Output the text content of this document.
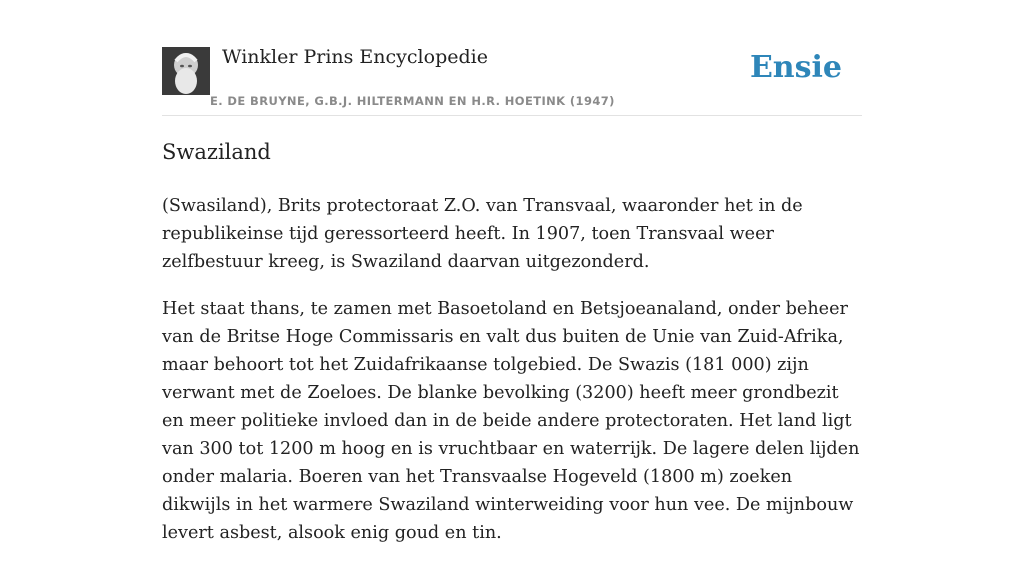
Winkler Prins Encyclopedie
E. DE BRUYNE, G.B.J. HILTERMANN EN H.R. HOETINK (1947)
Ensie
Swaziland

(Swasiland), Brits protectoraat Z.O. van Transvaal, waaronder het in de republikeinse tijd geressorteerd heeft. In 1907, toen Transvaal weer zelfbestuur kreeg, is Swaziland daarvan uitgezonderd.

Het staat thans, te zamen met Basoetoland en Betsjoeanaland, onder beheer van de Britse Hoge Commissaris en valt dus buiten de Unie van Zuid-Afrika, maar behoort tot het Zuidafrikaanse tolgebied. De Swazis (181 000) zijn verwant met de Zoeloes. De blanke bevolking (3200) heeft meer grondbezit en meer politieke invloed dan in de beide andere protectoraten. Het land ligt van 300 tot 1200 m hoog en is vruchtbaar en waterrijk. De lagere delen lijden onder malaria. Boeren van het Transvaalse Hogeveld (1800 m) zoeken dikwijls in het warmere Swaziland winterweiding voor hun vee. De mijnbouw levert asbest, alsook enig goud en tin.
